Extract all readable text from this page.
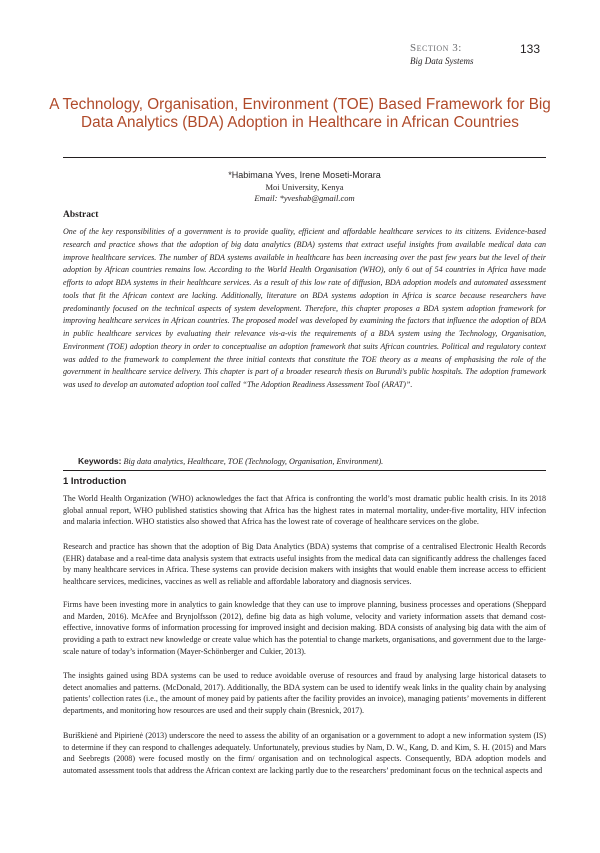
Section 3:
Big Data Systems
133
A Technology, Organisation, Environment (TOE) Based Framework for Big Data Analytics (BDA) Adoption in Healthcare in African Countries
*Habimana Yves, Irene Moseti-Morara
Moi University, Kenya
Email: *yveshab@gmail.com
Abstract

One of the key responsibilities of a government is to provide quality, efficient and affordable healthcare services to its citizens. Evidence-based research and practice shows that the adoption of big data analytics (BDA) systems that extract useful insights from available medical data can improve healthcare services. The number of BDA systems available in healthcare has been increasing over the past few years but the level of their adoption by African countries remains low. According to the World Health Organisation (WHO), only 6 out of 54 countries in Africa have made efforts to adopt BDA systems in their healthcare services. As a result of this low rate of diffusion, BDA adoption models and automated assessment tools that fit the African context are lacking. Additionally, literature on BDA systems adoption in Africa is scarce because researchers have predominantly focused on the technical aspects of system development. Therefore, this chapter proposes a BDA system adoption framework for improving healthcare services in African countries. The proposed model was developed by examining the factors that influence the adoption of BDA in public healthcare services by evaluating their relevance vis-a-vis the requirements of a BDA system using the Technology, Organisation, Environment (TOE) adoption theory in order to conceptualise an adoption framework that suits African countries. Political and regulatory context was added to the framework to complement the three initial contexts that constitute the TOE theory as a means of emphasising the role of the government in healthcare service delivery. This chapter is part of a broader research thesis on Burundi's public hospitals. The adoption framework was used to develop an automated adoption tool called “The Adoption Readiness Assessment Tool (ARAT)”.

Keywords: Big data analytics, Healthcare, TOE (Technology, Organisation, Environment).

1 Introduction

The World Health Organization (WHO) acknowledges the fact that Africa is confronting the world’s most dramatic public health crisis. In its 2018 global annual report, WHO published statistics showing that Africa has the highest rates in maternal mortality, under-five mortality, HIV infection and malaria infection. WHO statistics also showed that Africa has the lowest rate of coverage of healthcare services on the globe.

Research and practice has shown that the adoption of Big Data Analytics (BDA) systems that comprise of a centralised Electronic Health Records (EHR) database and a real-time data analysis system that extracts useful insights from the medical data can significantly address the challenges faced by many healthcare services in Africa. These systems can provide decision makers with insights that would enable them increase access to efficient healthcare services, medicines, vaccines as well as reliable and affordable laboratory and diagnosis services.

Firms have been investing more in analytics to gain knowledge that they can use to improve planning, business processes and operations (Sheppard and Marden, 2016). McAfee and Brynjolfsson (2012), define big data as high volume, velocity and variety information assets that demand cost-effective, innovative forms of information processing for improved insight and decision making. BDA consists of analysing big data with the aim of providing a path to extract new knowledge or create value which has the potential to change markets, organisations, and government due to the large-scale nature of today’s information (Mayer-Schönberger and Cukier, 2013).

The insights gained using BDA systems can be used to reduce avoidable overuse of resources and fraud by analysing large historical datasets to detect anomalies and patterns. (McDonald, 2017). Additionally, the BDA system can be used to identify weak links in the quality chain by analysing patients’ collection rates (i.e., the amount of money paid by patients after the facility provides an invoice), managing patients’ movements in different departments, and monitoring how resources are used and their supply chain (Bresnick, 2017).

Buriškienė and Pipirienė (2013) underscore the need to assess the ability of an organisation or a government to adopt a new information system (IS) to determine if they can respond to challenges adequately. Unfortunately, previous studies by Nam, D. W., Kang, D. and Kim, S. H. (2015) and Mars and Seebregts (2008) were focused mostly on the firm/ organisation and on technological aspects. Consequently, BDA adoption models and automated assessment tools that address the African context are lacking partly due to the researchers’ predominant focus on the technical aspects and
